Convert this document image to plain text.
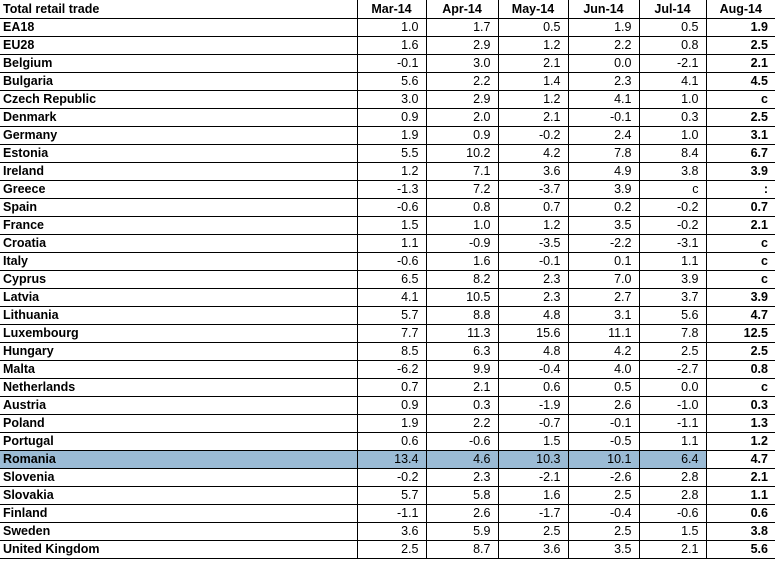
Total retail trade	Mar-14	Apr-14	May-14	Jun-14	Jul-14	Aug-14
EA18	1.0	1.7	0.5	1.9	0.5	1.9
EU28	1.6	2.9	1.2	2.2	0.8	2.5
Belgium	-0.1	3.0	2.1	0.0	-2.1	2.1
Bulgaria	5.6	2.2	1.4	2.3	4.1	4.5
Czech Republic	3.0	2.9	1.2	4.1	1.0	c
Denmark	0.9	2.0	2.1	-0.1	0.3	2.5
Germany	1.9	0.9	-0.2	2.4	1.0	3.1
Estonia	5.5	10.2	4.2	7.8	8.4	6.7
Ireland	1.2	7.1	3.6	4.9	3.8	3.9
Greece	-1.3	7.2	-3.7	3.9	c	:
Spain	-0.6	0.8	0.7	0.2	-0.2	0.7
France	1.5	1.0	1.2	3.5	-0.2	2.1
Croatia	1.1	-0.9	-3.5	-2.2	-3.1	c
Italy	-0.6	1.6	-0.1	0.1	1.1	c
Cyprus	6.5	8.2	2.3	7.0	3.9	c
Latvia	4.1	10.5	2.3	2.7	3.7	3.9
Lithuania	5.7	8.8	4.8	3.1	5.6	4.7
Luxembourg	7.7	11.3	15.6	11.1	7.8	12.5
Hungary	8.5	6.3	4.8	4.2	2.5	2.5
Malta	-6.2	9.9	-0.4	4.0	-2.7	0.8
Netherlands	0.7	2.1	0.6	0.5	0.0	c
Austria	0.9	0.3	-1.9	2.6	-1.0	0.3
Poland	1.9	2.2	-0.7	-0.1	-1.1	1.3
Portugal	0.6	-0.6	1.5	-0.5	1.1	1.2
Romania	13.4	4.6	10.3	10.1	6.4	4.7
Slovenia	-0.2	2.3	-2.1	-2.6	2.8	2.1
Slovakia	5.7	5.8	1.6	2.5	2.8	1.1
Finland	-1.1	2.6	-1.7	-0.4	-0.6	0.6
Sweden	3.6	5.9	2.5	2.5	1.5	3.8
United Kingdom	2.5	8.7	3.6	3.5	2.1	5.6
